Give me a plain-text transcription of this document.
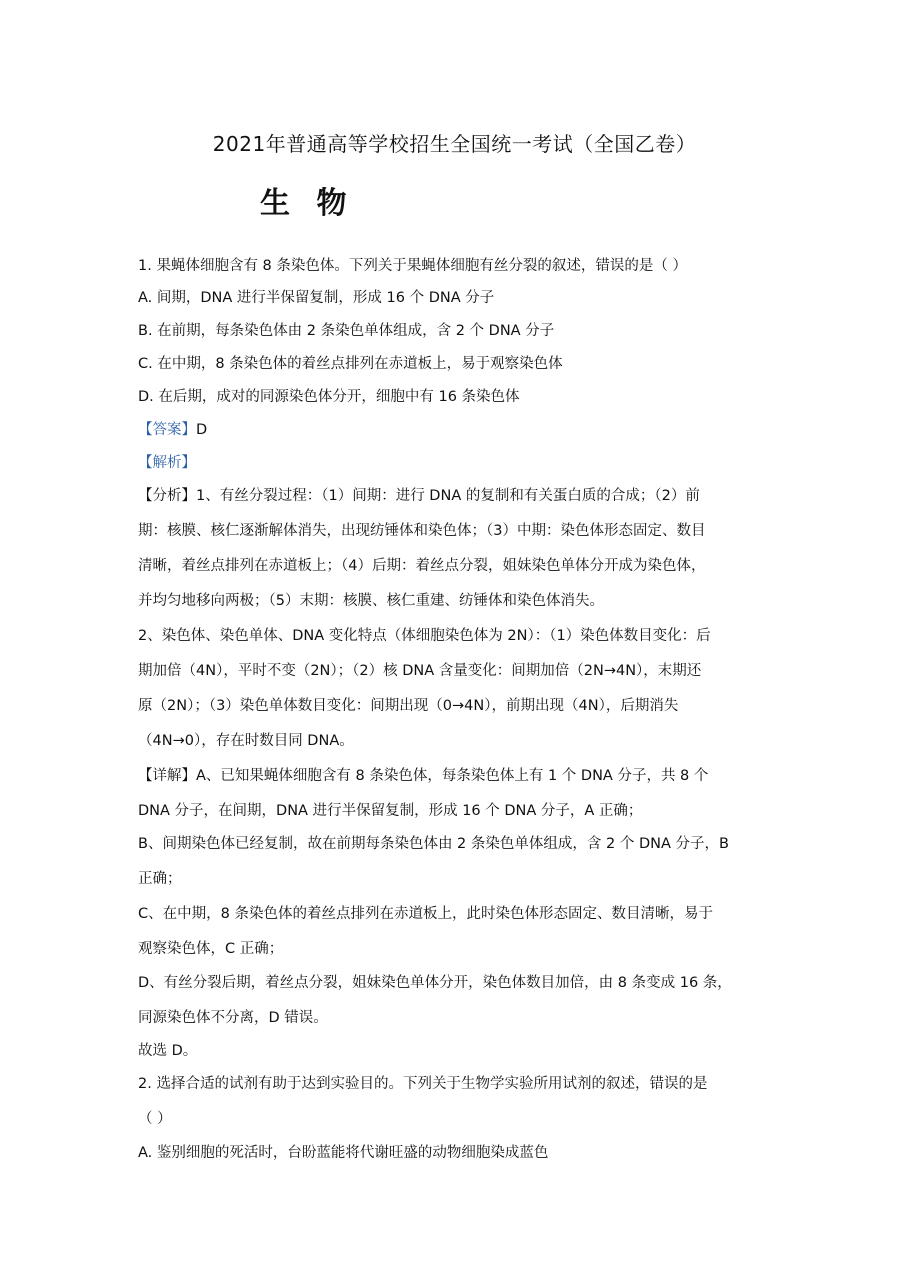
2021年普通高等学校招生全国统一考试（全国乙卷）
生 物
1. 果蝇体细胞含有 8 条染色体。下列关于果蝇体细胞有丝分裂的叙述，错误的是（ ）
A. 间期，DNA 进行半保留复制，形成 16 个 DNA 分子
B. 在前期，每条染色体由 2 条染色单体组成，含 2 个 DNA 分子
C. 在中期，8 条染色体的着丝点排列在赤道板上，易于观察染色体
D. 在后期，成对的同源染色体分开，细胞中有 16 条染色体
【答案】D
【解析】
【分析】1、有丝分裂过程：（1）间期：进行 DNA 的复制和有关蛋白质的合成；（2）前
期：核膜、核仁逐渐解体消失，出现纺锤体和染色体；（3）中期：染色体形态固定、数目
清晰，着丝点排列在赤道板上；（4）后期：着丝点分裂，姐妹染色单体分开成为染色体，
并均匀地移向两极；（5）末期：核膜、核仁重建、纺锤体和染色体消失。
2、染色体、染色单体、DNA 变化特点（体细胞染色体为 2N）：（1）染色体数目变化：后
期加倍（4N），平时不变（2N）；（2）核 DNA 含量变化：间期加倍（2N→4N），末期还
原（2N）；（3）染色单体数目变化：间期出现（0→4N），前期出现（4N），后期消失
（4N→0），存在时数目同 DNA。
【详解】A、已知果蝇体细胞含有 8 条染色体，每条染色体上有 1 个 DNA 分子，共 8 个
DNA 分子，在间期，DNA 进行半保留复制，形成 16 个 DNA 分子，A 正确；
B、间期染色体已经复制，故在前期每条染色体由 2 条染色单体组成，含 2 个 DNA 分子，B
正确；
C、在中期，8 条染色体的着丝点排列在赤道板上，此时染色体形态固定、数目清晰，易于
观察染色体，C 正确；
D、有丝分裂后期，着丝点分裂，姐妹染色单体分开，染色体数目加倍，由 8 条变成 16 条，
同源染色体不分离，D 错误。
故选 D。
2. 选择合适的试剂有助于达到实验目的。下列关于生物学实验所用试剂的叙述，错误的是
（ ）
A. 鉴别细胞的死活时，台盼蓝能将代谢旺盛的动物细胞染成蓝色
